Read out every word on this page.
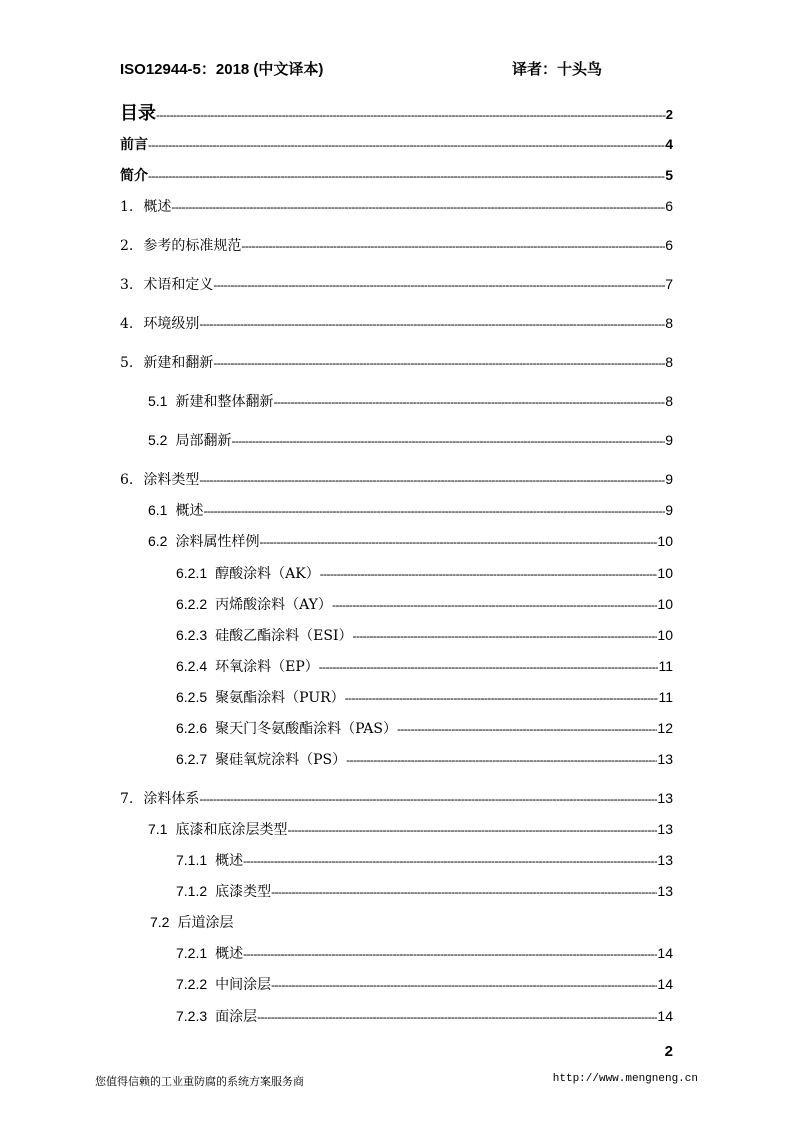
ISO12944-5：2018 (中文译本)	译者：十头鸟
目录 -----	2
前言 -----	4
简介 -----	5
1. 概述 -----	6
2. 参考的标准规范 -----	6
3. 术语和定义 -----	7
4. 环境级别 -----	8
5. 新建和翻新 -----	8
5.1 新建和整体翻新 -----	8
5.2 局部翻新 -----	9
6. 涂料类型 -----	9
6.1 概述 -----	9
6.2 涂料属性样例 -----	10
6.2.1 醇酸涂料（AK） -----	10
6.2.2 丙烯酸涂料（AY） -----	10
6.2.3 硅酸乙酯涂料（ESI） -----	10
6.2.4 环氧涂料（EP） -----	11
6.2.5 聚氨酯涂料（PUR） -----	11
6.2.6 聚天门冬氨酸酯涂料（PAS） -----	12
6.2.7 聚硅氧烷涂料（PS） -----	13
7. 涂料体系 -----	13
7.1 底漆和底涂层类型 -----	13
7.1.1 概述 -----	13
7.1.2 底漆类型 -----	13
7.2 后道涂层
7.2.1 概述 -----	14
7.2.2 中间涂层 -----	14
7.2.3 面涂层 -----	14
2
您值得信赖的工业重防腐的系统方案服务商	http://www.mengneng.cn
